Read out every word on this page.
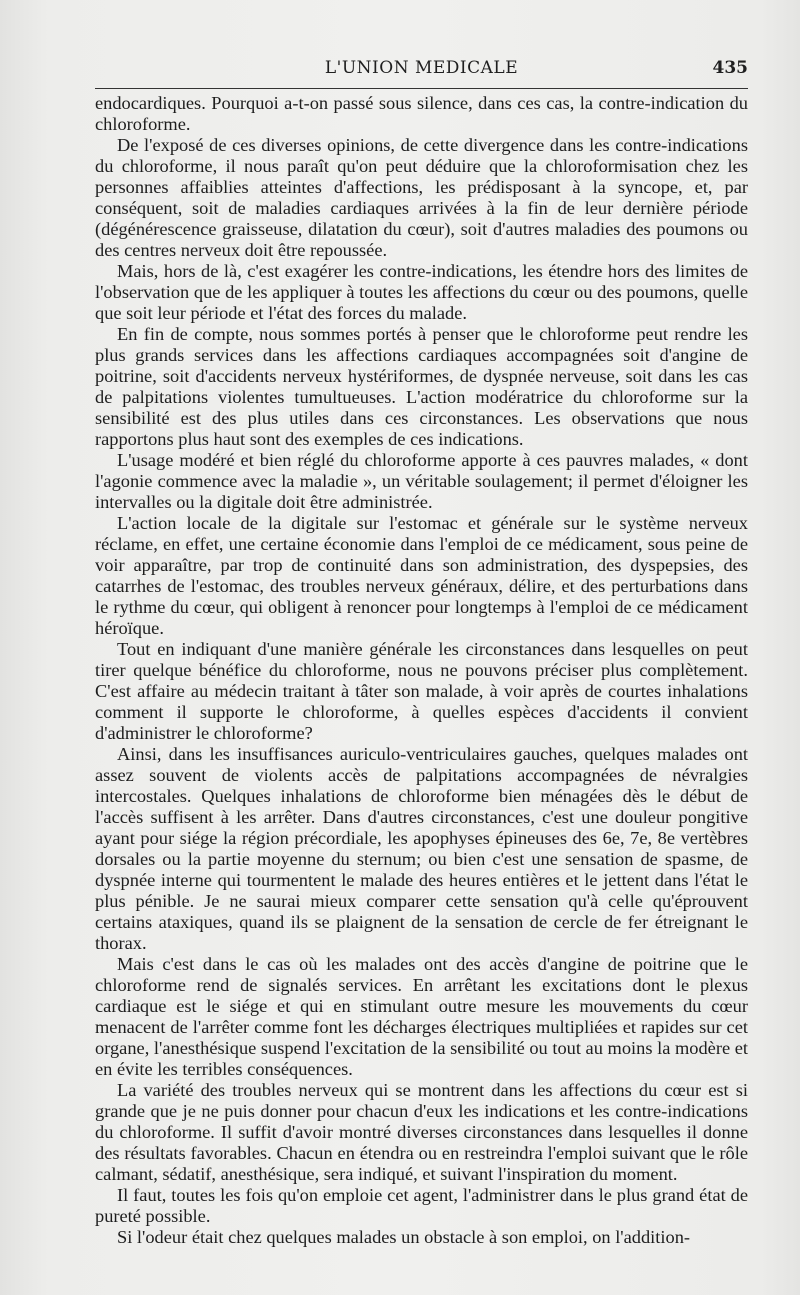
L'UNION MEDICALE	435

endocardiques. Pourquoi a-t-on passé sous silence, dans ces cas, la contre-indication du chloroforme.

De l'exposé de ces diverses opinions, de cette divergence dans les contre-indications du chloroforme, il nous paraît qu'on peut déduire que la chloroformisation chez les personnes affaiblies atteintes d'affections, les prédisposant à la syncope, et, par conséquent, soit de maladies cardiaques arrivées à la fin de leur dernière période (dégénérescence graisseuse, dilatation du cœur), soit d'autres maladies des poumons ou des centres nerveux doit être repoussée.

Mais, hors de là, c'est exagérer les contre-indications, les étendre hors des limites de l'observation que de les appliquer à toutes les affections du cœur ou des poumons, quelle que soit leur période et l'état des forces du malade.

En fin de compte, nous sommes portés à penser que le chloroforme peut rendre les plus grands services dans les affections cardiaques accompagnées soit d'angine de poitrine, soit d'accidents nerveux hystériformes, de dyspnée nerveuse, soit dans les cas de palpitations violentes tumultueuses. L'action modératrice du chloroforme sur la sensibilité est des plus utiles dans ces circonstances. Les observations que nous rapportons plus haut sont des exemples de ces indications.

L'usage modéré et bien réglé du chloroforme apporte à ces pauvres malades, « dont l'agonie commence avec la maladie », un véritable soulagement; il permet d'éloigner les intervalles ou la digitale doit être administrée.

L'action locale de la digitale sur l'estomac et générale sur le système nerveux réclame, en effet, une certaine économie dans l'emploi de ce médicament, sous peine de voir apparaître, par trop de continuité dans son administration, des dyspepsies, des catarrhes de l'estomac, des troubles nerveux généraux, délire, et des perturbations dans le rythme du cœur, qui obligent à renoncer pour longtemps à l'emploi de ce médicament héroïque.

Tout en indiquant d'une manière générale les circonstances dans lesquelles on peut tirer quelque bénéfice du chloroforme, nous ne pouvons préciser plus complètement. C'est affaire au médecin traitant à tâter son malade, à voir après de courtes inhalations comment il supporte le chloroforme, à quelles espèces d'accidents il convient d'administrer le chloroforme?

Ainsi, dans les insuffisances auriculo-ventriculaires gauches, quelques malades ont assez souvent de violents accès de palpitations accompagnées de névralgies intercostales. Quelques inhalations de chloroforme bien ménagées dès le début de l'accès suffisent à les arrêter. Dans d'autres circonstances, c'est une douleur pongitive ayant pour siége la région précordiale, les apophyses épineuses des 6e, 7e, 8e vertèbres dorsales ou la partie moyenne du sternum; ou bien c'est une sensation de spasme, de dyspnée interne qui tourmentent le malade des heures entières et le jettent dans l'état le plus pénible. Je ne saurai mieux comparer cette sensation qu'à celle qu'éprouvent certains ataxiques, quand ils se plaignent de la sensation de cercle de fer étreignant le thorax.

Mais c'est dans le cas où les malades ont des accès d'angine de poitrine que le chloroforme rend de signalés services. En arrêtant les excitations dont le plexus cardiaque est le siége et qui en stimulant outre mesure les mouvements du cœur menacent de l'arrêter comme font les décharges électriques multipliées et rapides sur cet organe, l'anesthésique suspend l'excitation de la sensibilité ou tout au moins la modère et en évite les terribles conséquences.

La variété des troubles nerveux qui se montrent dans les affections du cœur est si grande que je ne puis donner pour chacun d'eux les indications et les contre-indications du chloroforme. Il suffit d'avoir montré diverses circonstances dans lesquelles il donne des résultats favorables. Chacun en étendra ou en restreindra l'emploi suivant que le rôle calmant, sédatif, anesthésique, sera indiqué, et suivant l'inspiration du moment.

Il faut, toutes les fois qu'on emploie cet agent, l'administrer dans le plus grand état de pureté possible.

Si l'odeur était chez quelques malades un obstacle à son emploi, on l'addition-
